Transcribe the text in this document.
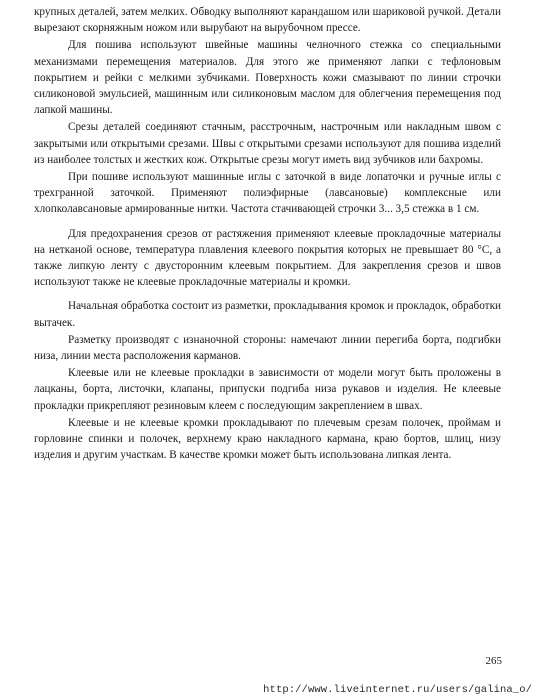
крупных деталей, затем мелких. Обводку выполняют карандашом или шариковой ручкой. Детали вырезают скорняжным ножом или вырубают на вырубочном прессе.

Для пошива используют швейные машины челночного стежка со специальными механизмами перемещения материалов. Для этого же применяют лапки с тефлоновым покрытием и рейки с мелкими зубчиками. Поверхность кожи смазывают по линии строчки силиконовой эмульсией, машинным или силиконовым маслом для облегчения перемещения под лапкой машины.

Срезы деталей соединяют стачным, расстрочным, настрочным или накладным швом с закрытыми или открытыми срезами. Швы с открытыми срезами используют для пошива изделий из наиболее толстых и жестких кож. Открытые срезы могут иметь вид зубчиков или бахромы.

При пошиве используют машинные иглы с заточкой в виде лопаточки и ручные иглы с трехгранной заточкой. Применяют полиэфирные (лавсановые) комплексные или хлопколавсановые армированные нитки. Частота стачивающей строчки 3... 3,5 стежка в 1 см.

Для предохранения срезов от растяжения применяют клеевые прокладочные материалы на нетканой основе, температура плавления клеевого покрытия которых не превышает 80 °С, а также липкую ленту с двусторонним клеевым покрытием. Для закрепления срезов и швов используют также не клеевые прокладочные материалы и кромки.

Начальная обработка состоит из разметки, прокладывания кромок и прокладок, обработки вытачек.

Разметку производят с изнаночной стороны: намечают линии перегиба борта, подгибки низа, линии места расположения карманов.

Клеевые или не клеевые прокладки в зависимости от модели могут быть проложены в лацканы, борта, листочки, клапаны, припуски подгиба низа рукавов и изделия. Не клеевые прокладки прикрепляют резиновым клеем с последующим закреплением в швах.

Клеевые и не клеевые кромки прокладывают по плечевым срезам полочек, проймам и горловине спинки и полочек, верхнему краю накладного кармана, краю бортов, шлиц, низу изделия и другим участкам. В качестве кромки может быть использована липкая лента.

265
http://www.liveinternet.ru/users/galina_o/
